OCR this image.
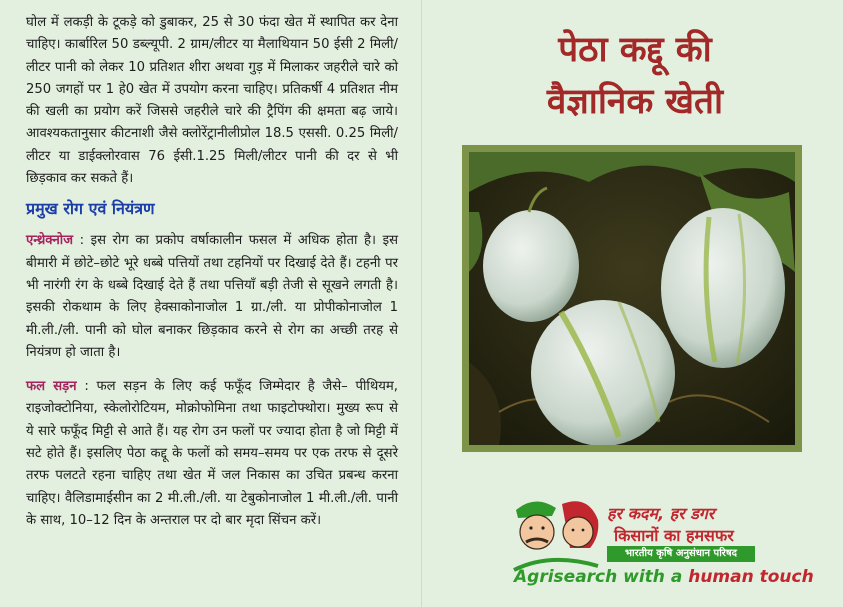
घोल में लकड़ी के टूकड़े को डुबाकर, 25 से 30 फंदा खेत में स्थापित कर देना चाहिए। कार्बारिल 50 डब्ल्यूपी. 2 ग्राम/लीटर या मैलाथियान 50 ईसी 2 मिली/लीटर पानी को लेकर 10 प्रतिशत शीरा अथवा गुड़ में मिलाकर जहरीले चारे को 250 जगहों पर 1 हे0 खेत में उपयोग करना चाहिए। प्रतिकर्षी 4 प्रतिशत नीम की खली का प्रयोग करें जिससे जहरीले चारे की ट्रैपिंग की क्षमता बढ़ जाये। आवश्यकतानुसार कीटनाशी जैसे क्लोरेंट्रानीलीप्रोल 18.5 एससी. 0.25 मिली/लीटर या डाईक्लोरवास 76 ईसी.1.25 मिली/लीटर पानी की दर से भी छिड़काव कर सकते हैं।

प्रमुख रोग एवं नियंत्रण

एन्थ्रेक्नोज : इस रोग का प्रकोप वर्षाकालीन फसल में अधिक होता है। इस बीमारी में छोटे–छोटे भूरे धब्बे पत्तियों तथा टहनियों पर दिखाई देते हैं। टहनी पर भी नारंगी रंग के धब्बे दिखाई देते हैं तथा पत्तियाँ बड़ी तेजी से सूखने लगती है। इसकी रोकथाम के लिए हेक्साकोनाजोल 1 ग्रा./ली. या प्रोपीकोनाजोल 1 मी.ली./ली. पानी को घोल बनाकर छिड़काव करने से रोग का अच्छी तरह से नियंत्रण हो जाता है।

फल सड़न : फल सड़न के लिए कई फफूँद जिम्मेदार है जैसे– पीथियम, राइजोक्टोनिया, स्केलोरोटियम, मोक्रोफोमिना तथा फाइटोफ्थोरा। मुख्य रूप से ये सारे फफूँद मिट्टी से आते हैं। यह रोग उन फलों पर ज्यादा होता है जो मिट्टी में सटे होते हैं। इसलिए पेठा कद्दू के फलों को समय–समय पर एक तरफ से दूसरे तरफ पलटते रहना चाहिए तथा खेत में जल निकास का उचित प्रबन्ध करना चाहिए। वैलिडामाईसीन का 2 मी.ली./ली. या टेबुकोनाजोल 1 मी.ली./ली. पानी के साथ, 10–12 दिन के अन्तराल पर दो बार मृदा सिंचन करें।

पेठा कद्दू की
वैज्ञानिक खेती
हर कदम, हर डगर
किसानों का हमसफर
भारतीय कृषि अनुसंधान परिषद
Agrisearch with a human touch
